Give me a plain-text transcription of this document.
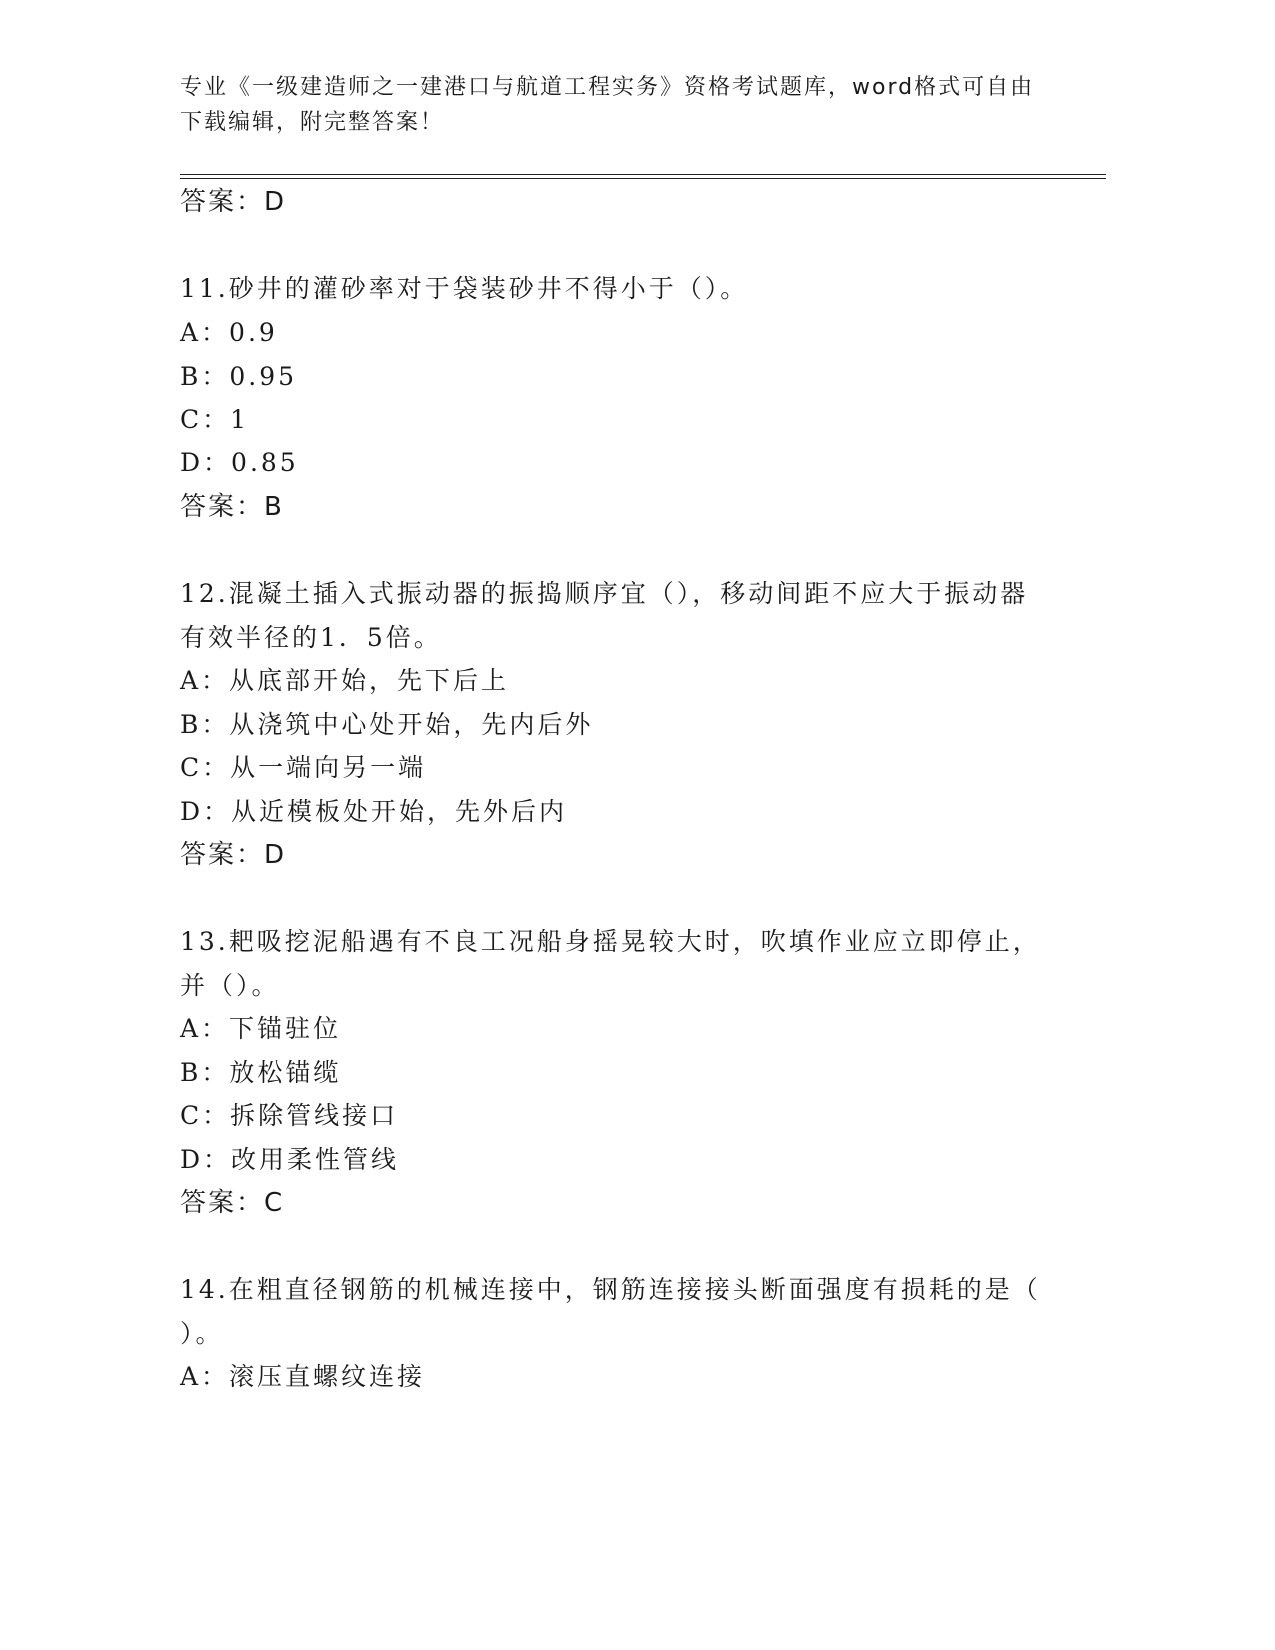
专业《一级建造师之一建港口与航道工程实务》资格考试题库，word格式可自由
下载编辑，附完整答案！
答案：D
11.砂井的灌砂率对于袋装砂井不得小于（）。
A：0.9
B：0.95
C：1
D：0.85
答案：B
12.混凝土插入式振动器的振捣顺序宜（），移动间距不应大于振动器
有效半径的1．5倍。
A：从底部开始，先下后上
B：从浇筑中心处开始，先内后外
C：从一端向另一端
D：从近模板处开始，先外后内
答案：D
13.耙吸挖泥船遇有不良工况船身摇晃较大时，吹填作业应立即停止，
并（）。
A：下锚驻位
B：放松锚缆
C：拆除管线接口
D：改用柔性管线
答案：C
14.在粗直径钢筋的机械连接中，钢筋连接接头断面强度有损耗的是（
）。
A：滚压直螺纹连接
